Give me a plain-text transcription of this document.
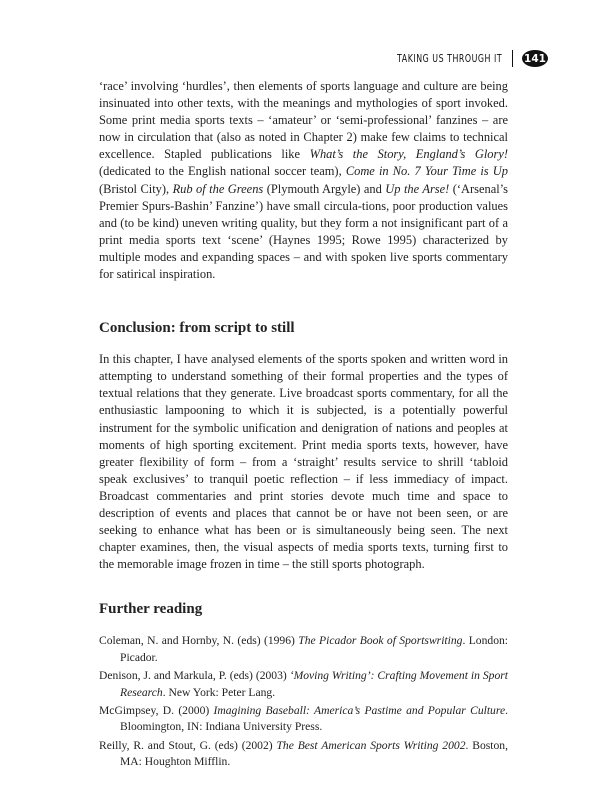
TAKING US THROUGH IT 141

‘race’ involving ‘hurdles’, then elements of sports language and culture are being insinuated into other texts, with the meanings and mythologies of sport invoked. Some print media sports texts – ‘amateur’ or ‘semi-professional’ fanzines – are now in circulation that (also as noted in Chapter 2) make few claims to technical excellence. Stapled publications like What’s the Story, England’s Glory! (dedicated to the English national soccer team), Come in No. 7 Your Time is Up (Bristol City), Rub of the Greens (Plymouth Argyle) and Up the Arse! (‘Arsenal’s Premier Spurs-Bashin’ Fanzine’) have small circula-tions, poor production values and (to be kind) uneven writing quality, but they form a not insignificant part of a print media sports text ‘scene’ (Haynes 1995; Rowe 1995) characterized by multiple modes and expanding spaces – and with spoken live sports commentary for satirical inspiration.

Conclusion: from script to still

In this chapter, I have analysed elements of the sports spoken and written word in attempting to understand something of their formal properties and the types of textual relations that they generate. Live broadcast sports commentary, for all the enthusiastic lampooning to which it is subjected, is a potentially powerful instrument for the symbolic unification and denigration of nations and peoples at moments of high sporting excitement. Print media sports texts, however, have greater flexibility of form – from a ‘straight’ results service to shrill ‘tabloid speak exclusives’ to tranquil poetic reflection – if less immediacy of impact. Broadcast commentaries and print stories devote much time and space to description of events and places that cannot be or have not been seen, or are seeking to enhance what has been or is simultaneously being seen. The next chapter examines, then, the visual aspects of media sports texts, turning first to the memorable image frozen in time – the still sports photograph.

Further reading

Coleman, N. and Hornby, N. (eds) (1996) The Picador Book of Sportswriting. London: Picador.

Denison, J. and Markula, P. (eds) (2003) ‘Moving Writing’: Crafting Movement in Sport Research. New York: Peter Lang.

McGimpsey, D. (2000) Imagining Baseball: America’s Pastime and Popular Culture. Bloomington, IN: Indiana University Press.

Reilly, R. and Stout, G. (eds) (2002) The Best American Sports Writing 2002. Boston, MA: Houghton Mifflin.
